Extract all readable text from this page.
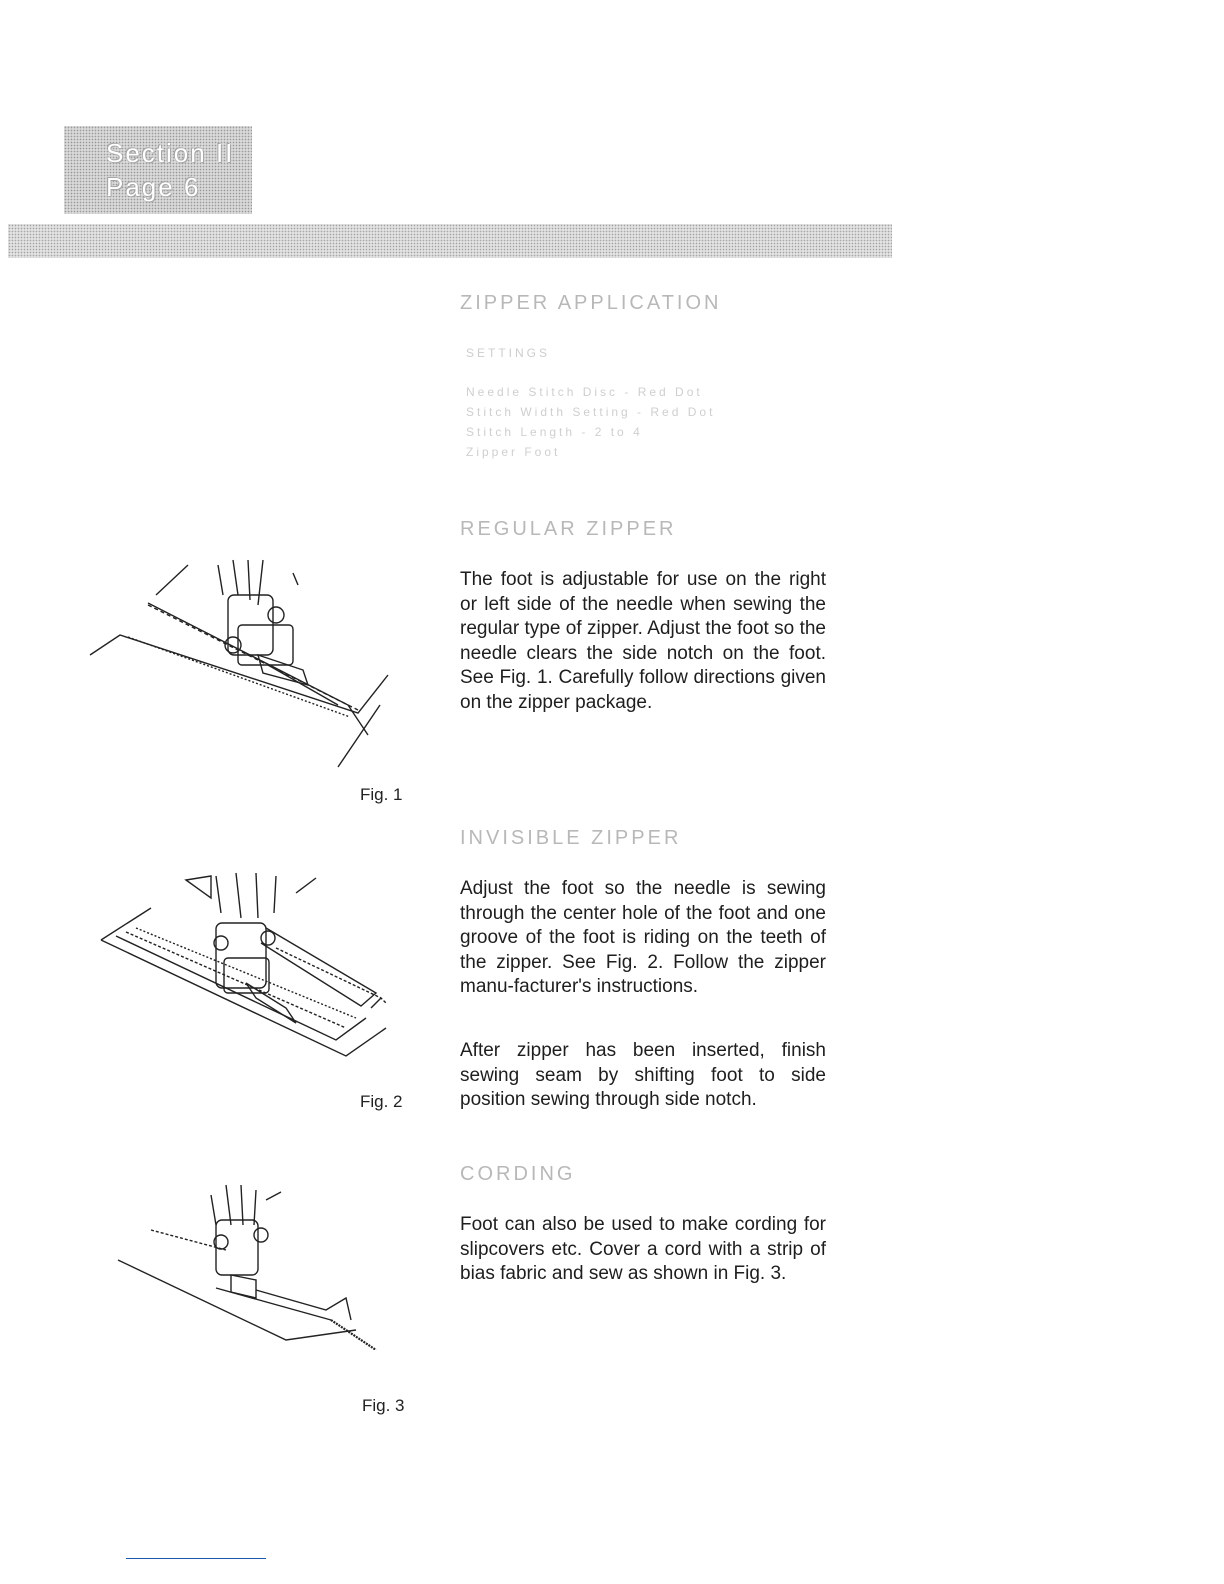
Section II
Page 6
ZIPPER APPLICATION
SETTINGS
Needle Stitch Disc - Red Dot
Stitch Width Setting - Red Dot
Stitch Length - 2 to 4
Zipper Foot
REGULAR ZIPPER

The foot is adjustable for use on the right or left side of the needle when sewing the regular type of zipper. Adjust the foot so the needle clears the side notch on the foot. See Fig. 1. Carefully follow directions given on the zipper package.

Fig. 1
INVISIBLE ZIPPER

Adjust the foot so the needle is sewing through the center hole of the foot and one groove of the foot is riding on the teeth of the zipper. See Fig. 2. Follow the zipper manu-facturer's instructions.

After zipper has been inserted, finish sewing seam by shifting foot to side position sewing through side notch.

Fig. 2
CORDING

Foot can also be used to make cording for slipcovers etc. Cover a cord with a strip of bias fabric and sew as shown in Fig. 3.

Fig. 3
